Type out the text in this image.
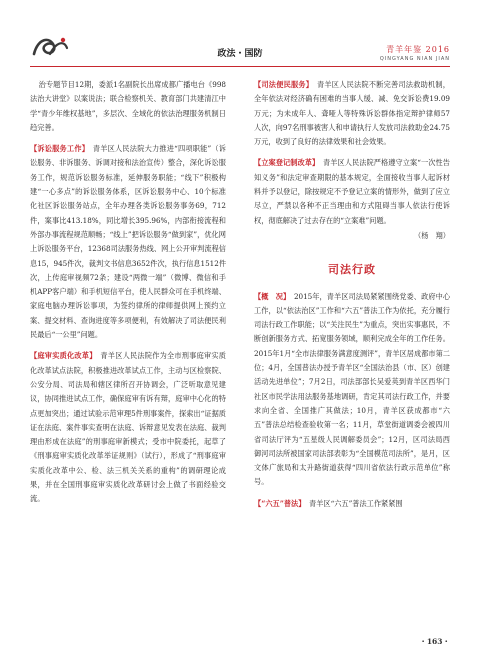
政法・国防	青羊年鉴 2016
QINGYANG NIAN JIAN

治专题节目12期，委派1名副院长出席成都广播电台《998法治大讲堂》以案说法；联合检察机关、教育部门共建清江中学“青少年维权基地”，多层次、全域化的依法治理服务机制日趋完善。

【诉讼服务工作】　 青羊区人民法院大力推进“四项职能”（诉讼服务、非诉服务、诉调对接和法治宣传）整合，深化诉讼服务工作，规范诉讼服务标准，延伸服务职能；“线下”积极构建“一心多点”的诉讼服务体系，区诉讼服务中心、10个标准化社区诉讼服务站点，全年办理各类诉讼服务事务69，712件，案事比413.18%，同比增长395.96%，内部衔接流程和外部办事流程规范顺畅；“线上”把诉讼服务“做到家”，优化网上诉讼服务平台，12368司法服务热线、网上公开审判流程信息15，945件次，裁判文书信息3652件次，执行信息1512件次，上传庭审视频72条；建设“两微一端”（微博、微信和手机APP客户端）和手机短信平台，使人民群众可在手机终端、家庭电脑办理诉讼事项，为签约律所的律师提供网上预约立案、提交材料、查询进度等多项便利，有效解决了司法便民利民最后“一公里”问题。

【庭审实质化改革】　 青羊区人民法院作为全市刑事庭审实质化改革试点法院，积极推进改革试点工作，主动与区检察院、公安分局、司法局和辖区律所召开协调会，广泛听取意见建议，协同推进试点工作，确保庭审有诉有辩，庭审中心化的特点更加突出；通过试验示范审理5件刑事案件，探索出“证据质证在法庭、案件事实查明在法庭、诉辩意见发表在法庭、裁判理由形成在法庭”的刑事庭审新模式；受市中院委托，起草了《刑事庭审实质化改革举证规则》（试行），形成了“刑事庭审实质化改革中公、检、法三机关关系的重构”的调研理论成果，并在全国刑事庭审实质化改革研讨会上做了书面经验交流。

【司法便民服务】　 青羊区人民法院不断完善司法救助机制，全年依法对经济确有困难的当事人缓、减、免交诉讼费19.09万元；为未成年人、聋哑人等特殊诉讼群体指定辩护律师57人次，向97名刑事被害人和申请执行人发放司法救助金24.75万元，收到了良好的法律效果和社会效果。

【立案登记制改革】　 青羊区人民法院严格遵守立案“一次性告知义务”和法定审查期限的基本规定，全面接收当事人起诉材料并予以登记，除按规定不予登记立案的情形外，做到了应立尽立，严禁以各种不正当理由和方式阻碍当事人依法行使诉权，彻底解决了过去存在的“立案难”问题。

（杨　翔）
司法行政

【概　况】　 2015年，青羊区司法局紧紧围绕党委、政府中心工作，以“依法治区”工作和“六五”普法工作为依托，充分履行司法行政工作职能；以“关注民生”为重点，突出实事惠民，不断创新服务方式、拓宽服务领域，顺利完成全年的工作任务。2015年1月“全市法律服务满意度测评”，青羊区居成都市第二位；4月，全国普法办授予青羊区“全国法治县（市、区）创建活动先进单位”；7月2日，司法部部长吴爱英到青羊区西华门社区市民学法用法服务基地调研，肯定其司法行政工作，并要求向全省、全国推广其做法；10月，青羊区获成都市“六五”普法总结检查验收第一名；11月，草堂街道调委会被四川省司法厅评为“五星级人民调解委员会”；12月，区司法局西御河司法所被国家司法部表彰为“全国模范司法所”，是月，区文体广旅局和太升路街道获得“四川省依法行政示范单位”称号。

【“六五”普法】　 青羊区“六五”普法工作紧紧围

・163・
